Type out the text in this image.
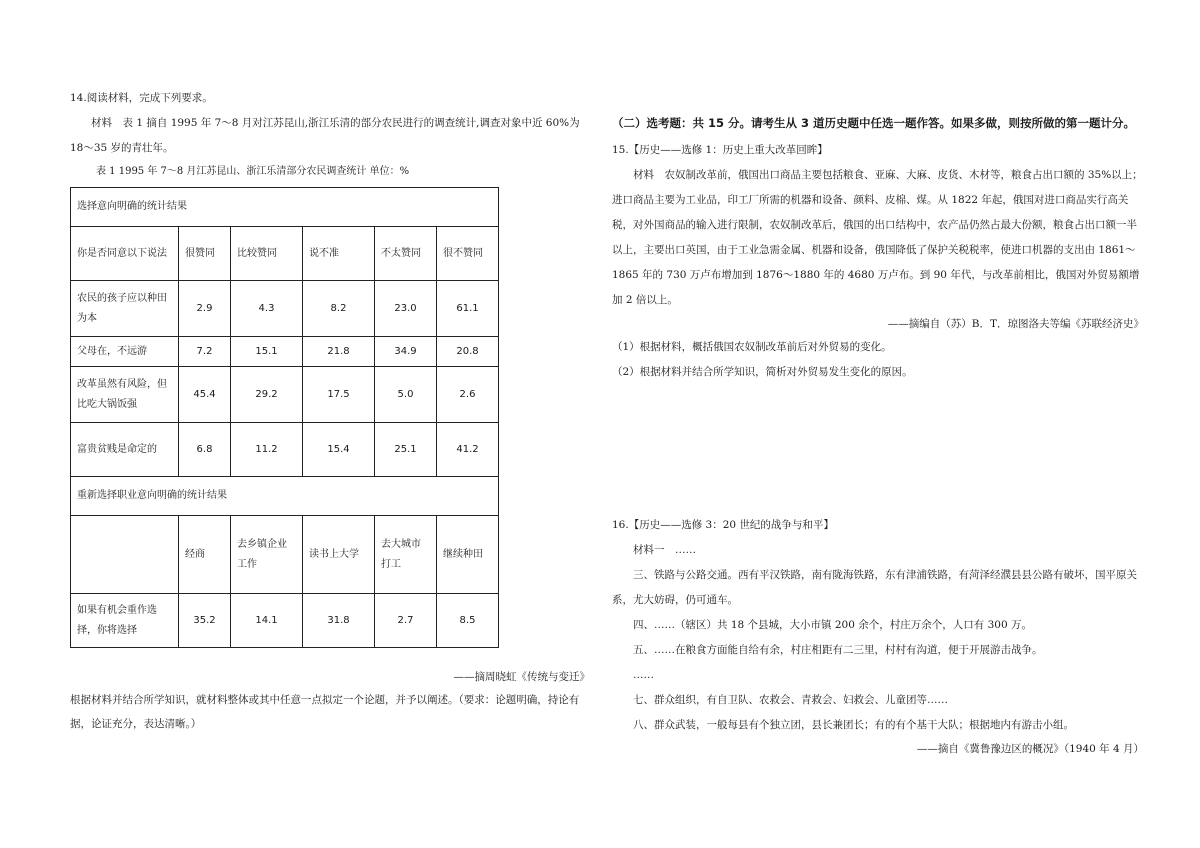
14.阅读材料，完成下列要求。

材料　表 1 摘自 1995 年 7～8 月对江苏昆山,浙江乐清的部分农民进行的调查统计,调查对象中近 60%为 18～35 岁的青壮年。

表 1 1995 年 7～8 月江苏昆山、浙江乐清部分农民调查统计 单位：%

选择意向明确的统计结果					
你是否同意以下说法	很赞同	比较赞同	说不准	不太赞同	很不赞同
农民的孩子应以种田为本	2.9	4.3	8.2	23.0	61.1
父母在，不远游	7.2	15.1	21.8	34.9	20.8
改革虽然有风险，但比吃大锅饭强	45.4	29.2	17.5	5.0	2.6
富贵贫贱是命定的	6.8	11.2	15.4	25.1	41.2
重新选择职业意向明确的统计结果					
	经商	去乡镇企业工作	读书上大学	去大城市打工	继续种田
如果有机会重作选择，你将选择	35.2	14.1	31.8	2.7	8.5

——摘周晓虹《传统与变迁》

根据材料并结合所学知识，就材料整体或其中任意一点拟定一个论题，并予以阐述。（要求：论题明确，持论有据，论证充分，表达清晰。）

（二）选考题：共 15 分。请考生从 3 道历史题中任选一题作答。如果多做，则按所做的第一题计分。

15.【历史——选修 1：历史上重大改革回眸】

材料　农奴制改革前，俄国出口商品主要包括粮食、亚麻、大麻、皮货、木材等，粮食占出口额的 35%以上；进口商品主要为工业品，印工厂所需的机器和设备、颜料、皮棉、煤。从 1822 年起，俄国对进口商品实行高关税，对外国商品的输入进行限制，农奴制改革后，俄国的出口结构中，农产品仍然占最大份额，粮食占出口额一半以上，主要出口英国，由于工业急需金属、机器和设备，俄国降低了保护关税税率，使进口机器的支出由 1861～1865 年的 730 万卢布增加到 1876～1880 年的 4680 万卢布。到 90 年代，与改革前相比，俄国对外贸易额增加 2 倍以上。

——摘编自（苏）B．T．琼图洛夫等编《苏联经济史》

（1）根据材料，概括俄国农奴制改革前后对外贸易的变化。

（2）根据材料并结合所学知识，简析对外贸易发生变化的原因。

16.【历史——选修 3：20 世纪的战争与和平】

材料一　……

三、铁路与公路交通。西有平汉铁路，南有陇海铁路，东有津浦铁路，有菏泽经濮县县公路有破坏，国平原关系，尤大妨碍，仍可通车。

四、……（辖区）共 18 个县城，大小市镇 200 余个，村庄万余个，人口有 300 万。

五、……在粮食方面能自给有余，村庄相距有二三里，村村有沟道，便于开展游击战争。

……

七、群众组织，有自卫队、农救会、青救会、妇救会、儿童团等……

八、群众武装，一般每县有个独立团，县长兼团长；有的有个基干大队；根据地内有游击小组。

——摘自《冀鲁豫边区的概况》（1940 年 4 月）
